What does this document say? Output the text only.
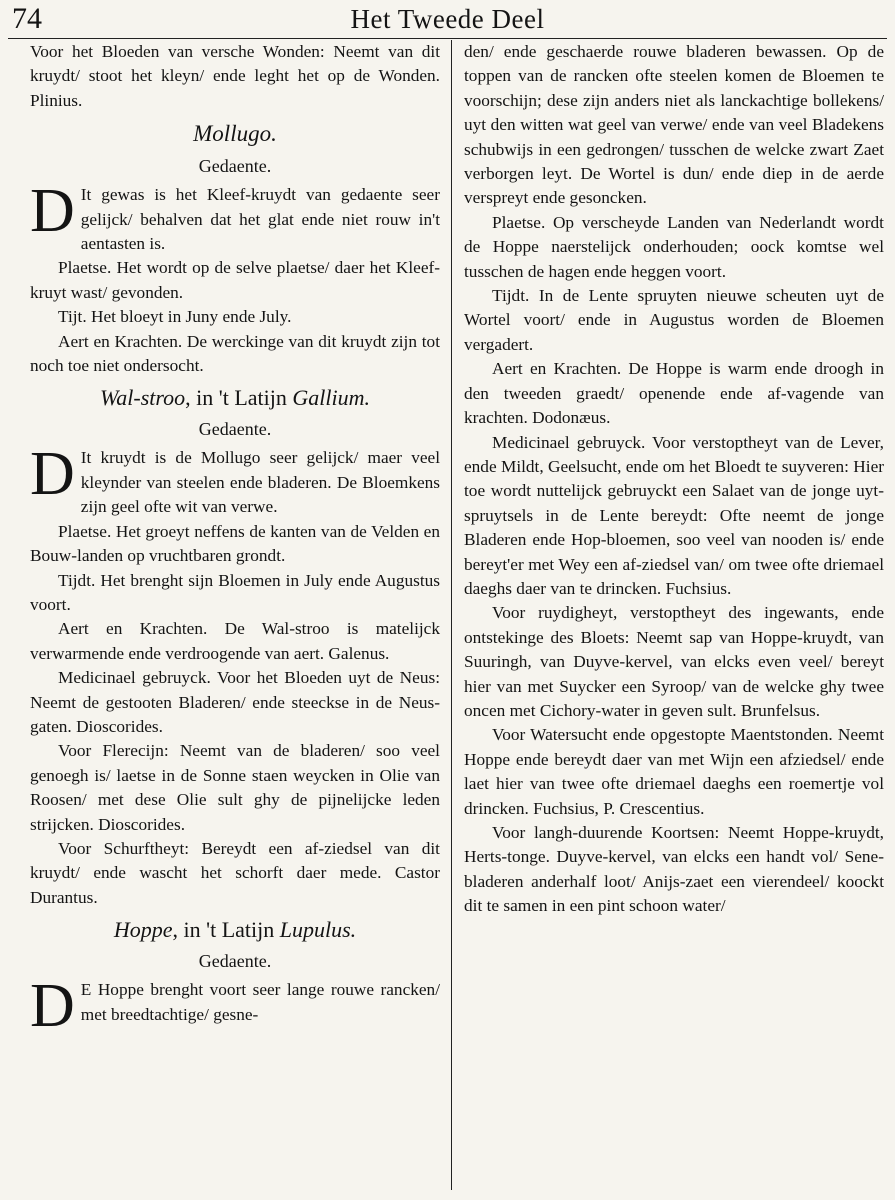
74	Het Tweede Deel

Voor het Bloeden van versche Wonden: Neemt van dit kruydt/ stoot het kleyn/ ende leght het op de Wonden. Plinius.

Mollugo.
Gedaente.

D It gewas is het Kleef-kruydt van gedaente seer gelijck/ behalven dat het glat ende niet rouw in't aentasten is.

Plaetse. Het wordt op de selve plaetse/ daer het Kleef-kruyt wast/ gevonden.

Tijt. Het bloeyt in Juny ende July.

Aert en Krachten. De werckinge van dit kruydt zijn tot noch toe niet ondersocht.

Wal-stroo, in 't Latijn Gallium.
Gedaente.

D It kruydt is de Mollugo seer gelijck/ maer veel kleynder van steelen ende bladeren. De Bloemkens zijn geel ofte wit van verwe.

Plaetse. Het groeyt neffens de kanten van de Velden en Bouw-landen op vruchtbaren grondt.

Tijdt. Het brenght sijn Bloemen in July ende Augustus voort.

Aert en Krachten. De Wal-stroo is matelijck verwarmende ende verdroogende van aert. Galenus.

Medicinael gebruyck. Voor het Bloeden uyt de Neus: Neemt de gestooten Bladeren/ ende steeckse in de Neus-gaten. Dioscorides.

Voor Flerecijn: Neemt van de bladeren/ soo veel genoegh is/ laetse in de Sonne staen weycken in Olie van Roosen/ met dese Olie sult ghy de pijnelijcke leden strijcken. Dioscorides.

Voor Schurftheyt: Bereydt een af-ziedsel van dit kruydt/ ende wascht het schorft daer mede. Castor Durantus.

Hoppe, in 't Latijn Lupulus.
Gedaente.

D E Hoppe brenght voort seer lange rouwe rancken/ met breedtachtige/ gesne-

den/ ende geschaerde rouwe bladeren bewassen. Op de toppen van de rancken ofte steelen komen de Bloemen te voorschijn; dese zijn anders niet als lanckachtige bollekens/ uyt den witten wat geel van verwe/ ende van veel Bladekens schubwijs in een gedrongen/ tusschen de welcke zwart Zaet verborgen leyt. De Wortel is dun/ ende diep in de aerde verspreyt ende gesoncken.

Plaetse. Op verscheyde Landen van Nederlandt wordt de Hoppe naerstelijck onderhouden; oock komtse wel tusschen de hagen ende heggen voort.

Tijdt. In de Lente spruyten nieuwe scheuten uyt de Wortel voort/ ende in Augustus worden de Bloemen vergadert.

Aert en Krachten. De Hoppe is warm ende droogh in den tweeden graedt/ openende ende af-vagende van krachten. Dodonæus.

Medicinael gebruyck. Voor verstoptheyt van de Lever, ende Mildt, Geelsucht, ende om het Bloedt te suyveren: Hier toe wordt nuttelijck gebruyckt een Salaet van de jonge uyt-spruytsels in de Lente bereydt: Ofte neemt de jonge Bladeren ende Hop-bloemen, soo veel van nooden is/ ende bereyt'er met Wey een af-ziedsel van/ om twee ofte driemael daeghs daer van te drincken. Fuchsius.

Voor ruydigheyt, verstoptheyt des ingewants, ende ontstekinge des Bloets: Neemt sap van Hoppe-kruydt, van Suuringh, van Duyve-kervel, van elcks even veel/ bereyt hier van met Suycker een Syroop/ van de welcke ghy twee oncen met Cichory-water in geven sult. Brunfelsus.

Voor Watersucht ende opgestopte Maentstonden. Neemt Hoppe ende bereydt daer van met Wijn een afziedsel/ ende laet hier van twee ofte driemael daeghs een roemertje vol drincken. Fuchsius, P. Crescentius.

Voor langh-duurende Koortsen: Neemt Hoppe-kruydt, Herts-tonge. Duyve-kervel, van elcks een handt vol/ Sene-bladeren anderhalf loot/ Anijs-zaet een vierendeel/ koockt dit te samen in een pint schoon water/
